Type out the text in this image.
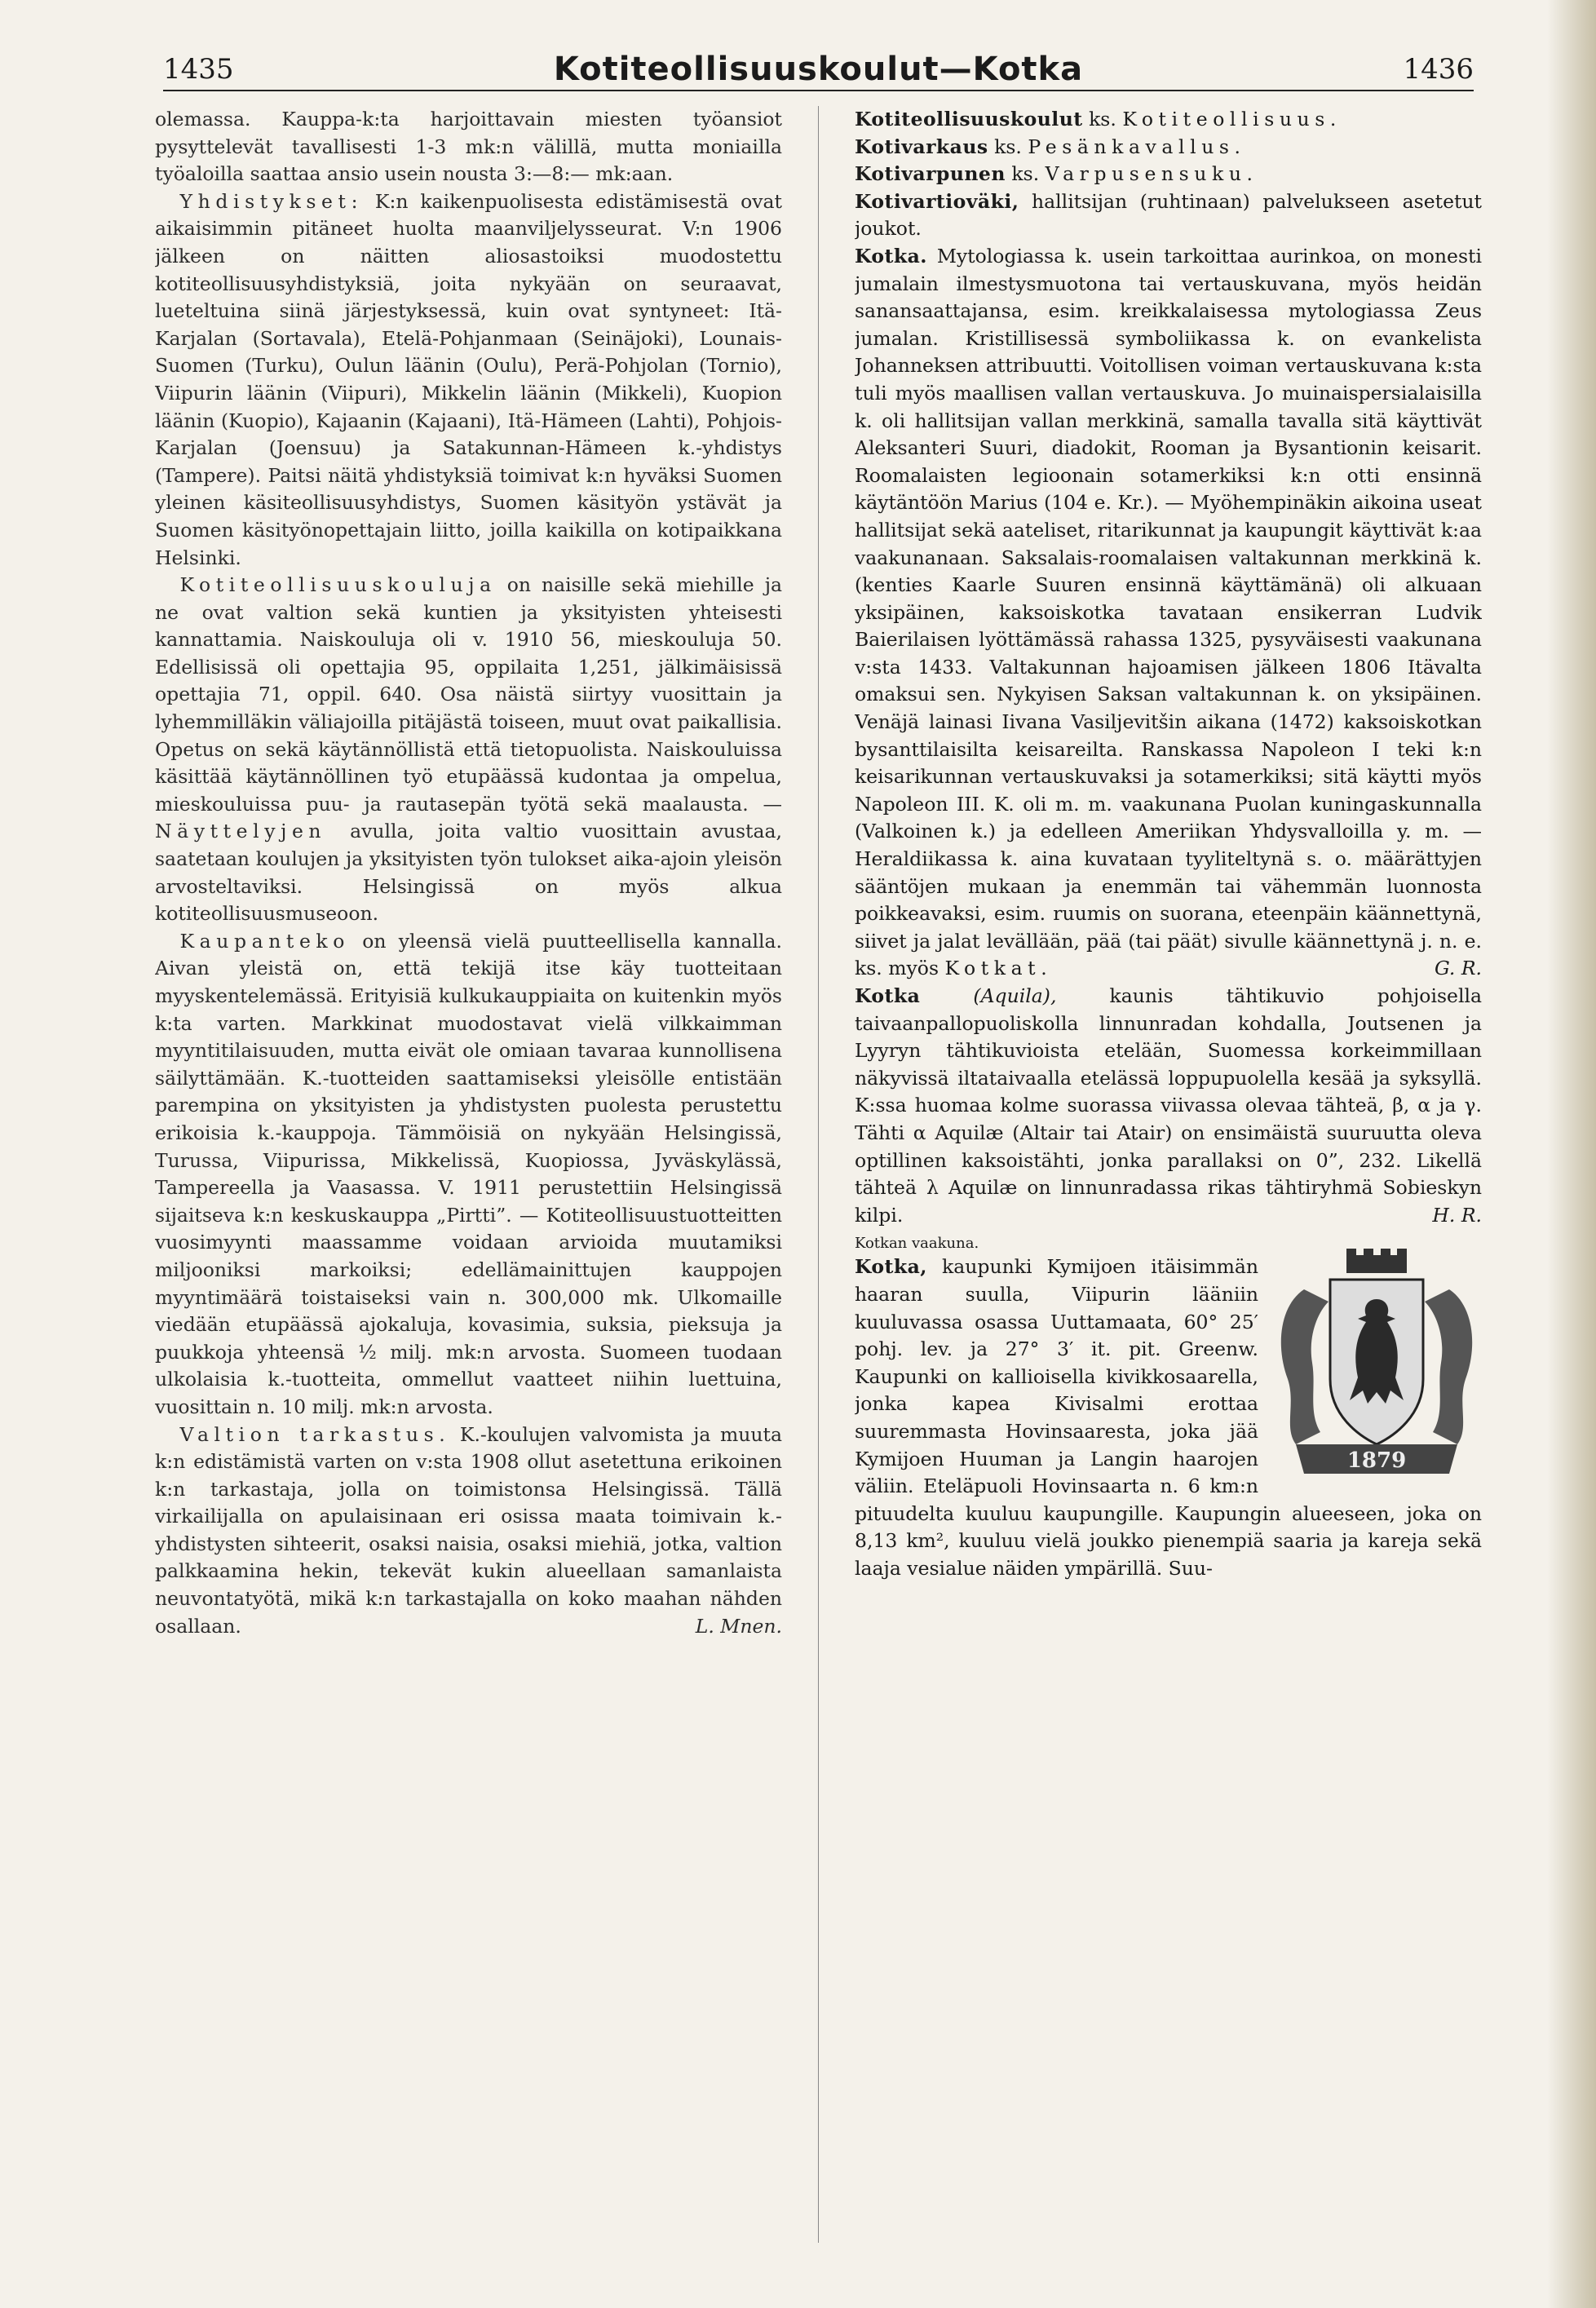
1435	Kotiteollisuuskoulut—Kotka	1436

olemassa. Kauppa-k:ta harjoittavain miesten työansiot pysyttelevät tavallisesti 1-3 mk:n välillä, mutta moniailla työaloilla saattaa ansio usein nousta 3:—8:— mk:aan.

Yhdistykset: K:n kaikenpuolisesta edistämisestä ovat aikaisimmin pitäneet huolta maanviljelysseurat. V:n 1906 jälkeen on näitten aliosastoiksi muodostettu kotiteollisuusyhdistyksiä, joita nykyään on seuraavat, lueteltuina siinä järjestyksessä, kuin ovat syntyneet: Itä-Karjalan (Sortavala), Etelä-Pohjanmaan (Seinäjoki), Lounais-Suomen (Turku), Oulun läänin (Oulu), Perä-Pohjolan (Tornio), Viipurin läänin (Viipuri), Mikkelin läänin (Mikkeli), Kuopion läänin (Kuopio), Kajaanin (Kajaani), Itä-Hämeen (Lahti), Pohjois-Karjalan (Joensuu) ja Satakunnan-Hämeen k.-yhdistys (Tampere). Paitsi näitä yhdistyksiä toimivat k:n hyväksi Suomen yleinen käsiteollisuusyhdistys, Suomen käsityön ystävät ja Suomen käsityönopettajain liitto, joilla kaikilla on kotipaikkana Helsinki.

Kotiteollisuuskouluja on naisille sekä miehille ja ne ovat valtion sekä kuntien ja yksityisten yhteisesti kannattamia. Naiskouluja oli v. 1910 56, mieskouluja 50. Edellisissä oli opettajia 95, oppilaita 1,251, jälkimäisissä opettajia 71, oppil. 640. Osa näistä siirtyy vuosittain ja lyhemmilläkin väliajoilla pitäjästä toiseen, muut ovat paikallisia. Opetus on sekä käytännöllistä että tietopuolista. Naiskouluissa käsittää käytännöllinen työ etupäässä kudontaa ja ompelua, mieskouluissa puu- ja rautasepän työtä sekä maalausta. — Näyttelyjen avulla, joita valtio vuosittain avustaa, saatetaan koulujen ja yksityisten työn tulokset aika-ajoin yleisön arvosteltaviksi. Helsingissä on myös alkua kotiteollisuusmuseoon.

Kaupanteko on yleensä vielä puutteellisella kannalla. Aivan yleistä on, että tekijä itse käy tuotteitaan myyskentelemässä. Erityisiä kulkukauppiaita on kuitenkin myös k:ta varten. Markkinat muodostavat vielä vilkkaimman myyntitilaisuuden, mutta eivät ole omiaan tavaraa kunnollisena säilyttämään. K.-tuotteiden saattamiseksi yleisölle entistään parempina on yksityisten ja yhdistysten puolesta perustettu erikoisia k.-kauppoja. Tämmöisiä on nykyään Helsingissä, Turussa, Viipurissa, Mikkelissä, Kuopiossa, Jyväskylässä, Tampereella ja Vaasassa. V. 1911 perustettiin Helsingissä sijaitseva k:n keskuskauppa „Pirtti”. — Kotiteollisuustuotteitten vuosimyynti maassamme voidaan arvioida muutamiksi miljooniksi markoiksi; edellämainittujen kauppojen myyntimäärä toistaiseksi vain n. 300,000 mk. Ulkomaille viedään etupäässä ajokaluja, kovasimia, suksia, pieksuja ja puukkoja yhteensä ½ milj. mk:n arvosta. Suomeen tuodaan ulkolaisia k.-tuotteita, ommellut vaatteet niihin luettuina, vuosittain n. 10 milj. mk:n arvosta.

Valtion tarkastus. K.-koulujen valvomista ja muuta k:n edistämistä varten on v:sta 1908 ollut asetettuna erikoinen k:n tarkastaja, jolla on toimistonsa Helsingissä. Tällä virkailijalla on apulaisinaan eri osissa maata toimivain k.-yhdistysten sihteerit, osaksi naisia, osaksi miehiä, jotka, valtion palkkaamina hekin, tekevät kukin alueellaan samanlaista neuvontatyötä, mikä k:n tarkastajalla on koko maahan nähden osallaan.	L. Mnen.

Kotiteollisuuskoulut ks. Kotiteollisuus.

Kotivarkaus ks. Pesänkavallus.

Kotivarpunen ks. Varpusensuku.

Kotivartioväki, hallitsijan (ruhtinaan) palvelukseen asetetut joukot.

Kotka. Mytologiassa k. usein tarkoittaa aurinkoa, on monesti jumalain ilmestysmuotona tai vertauskuvana, myös heidän sanansaattajansa, esim. kreikkalaisessa mytologiassa Zeus jumalan. Kristillisessä symboliikassa k. on evankelista Johanneksen attribuutti. Voitollisen voiman vertauskuvana k:sta tuli myös maallisen vallan vertauskuva. Jo muinaispersialaisilla k. oli hallitsijan vallan merkkinä, samalla tavalla sitä käyttivät Aleksanteri Suuri, diadokit, Rooman ja Bysantionin keisarit. Roomalaisten legioonain sotamerkiksi k:n otti ensinnä käytäntöön Marius (104 e. Kr.). — Myöhempinäkin aikoina useat hallitsijat sekä aateliset, ritarikunnat ja kaupungit käyttivät k:aa vaakunanaan. Saksalais-roomalaisen valtakunnan merkkinä k. (kenties Kaarle Suuren ensinnä käyttämänä) oli alkuaan yksipäinen, kaksoiskotka tavataan ensikerran Ludvik Baierilaisen lyöttämässä rahassa 1325, pysyväisesti vaakunana v:sta 1433. Valtakunnan hajoamisen jälkeen 1806 Itävalta omaksui sen. Nykyisen Saksan valtakunnan k. on yksipäinen. Venäjä lainasi Iivana Vasiljevitšin aikana (1472) kaksoiskotkan bysanttilaisilta keisareilta. Ranskassa Napoleon I teki k:n keisarikunnan vertauskuvaksi ja sotamerkiksi; sitä käytti myös Napoleon III. K. oli m. m. vaakunana Puolan kuningaskunnalla (Valkoinen k.) ja edelleen Ameriikan Yhdysvalloilla y. m. — Heraldiikassa k. aina kuvataan tyyliteltynä s. o. määrättyjen sääntöjen mukaan ja enemmän tai vähemmän luonnosta poikkeavaksi, esim. ruumis on suorana, eteenpäin käännettynä, siivet ja jalat levällään, pää (tai päät) sivulle käännettynä j. n. e. ks. myös Kotkat.	G. R.

Kotka	(Aquila),	kaunis tähtikuvio pohjoisella taivaanpallopuoliskolla linnunradan kohdalla, Joutsenen ja Lyyryn tähtikuvioista etelään, Suomessa korkeimmillaan näkyvissä iltataivaalla etelässä loppupuolella kesää ja syksyllä. K:ssa huomaa kolme suorassa viivassa olevaa tähteä, β, α ja γ. Tähti α Aquilæ (Altair tai Atair) on ensimäistä suuruutta oleva optillinen kaksoistähti, jonka parallaksi on 0”, 232. Likellä tähteä λ Aquilæ on linnunradassa rikas tähtiryhmä Sobieskyn kilpi.	H. R.

1879

Kotkan vaakuna.
Kotka, kaupunki Kymijoen itäisimmän haaran suulla, Viipurin lääniin kuuluvassa osassa Uuttamaata, 60° 25′ pohj. lev. ja 27° 3′ it. pit. Greenw. Kaupunki on kallioisella kivikkosaarella, jonka kapea Kivisalmi erottaa suuremmasta Hovinsaaresta, joka jää Kymijoen Huuman ja Langin haarojen väliin. Eteläpuoli Hovinsaarta n. 6 km:n pituudelta kuuluu kaupungille. Kaupungin alueeseen, joka on 8,13 km², kuuluu vielä joukko pienempiä saaria ja kareja sekä laaja vesialue näiden ympärillä. Suu-
